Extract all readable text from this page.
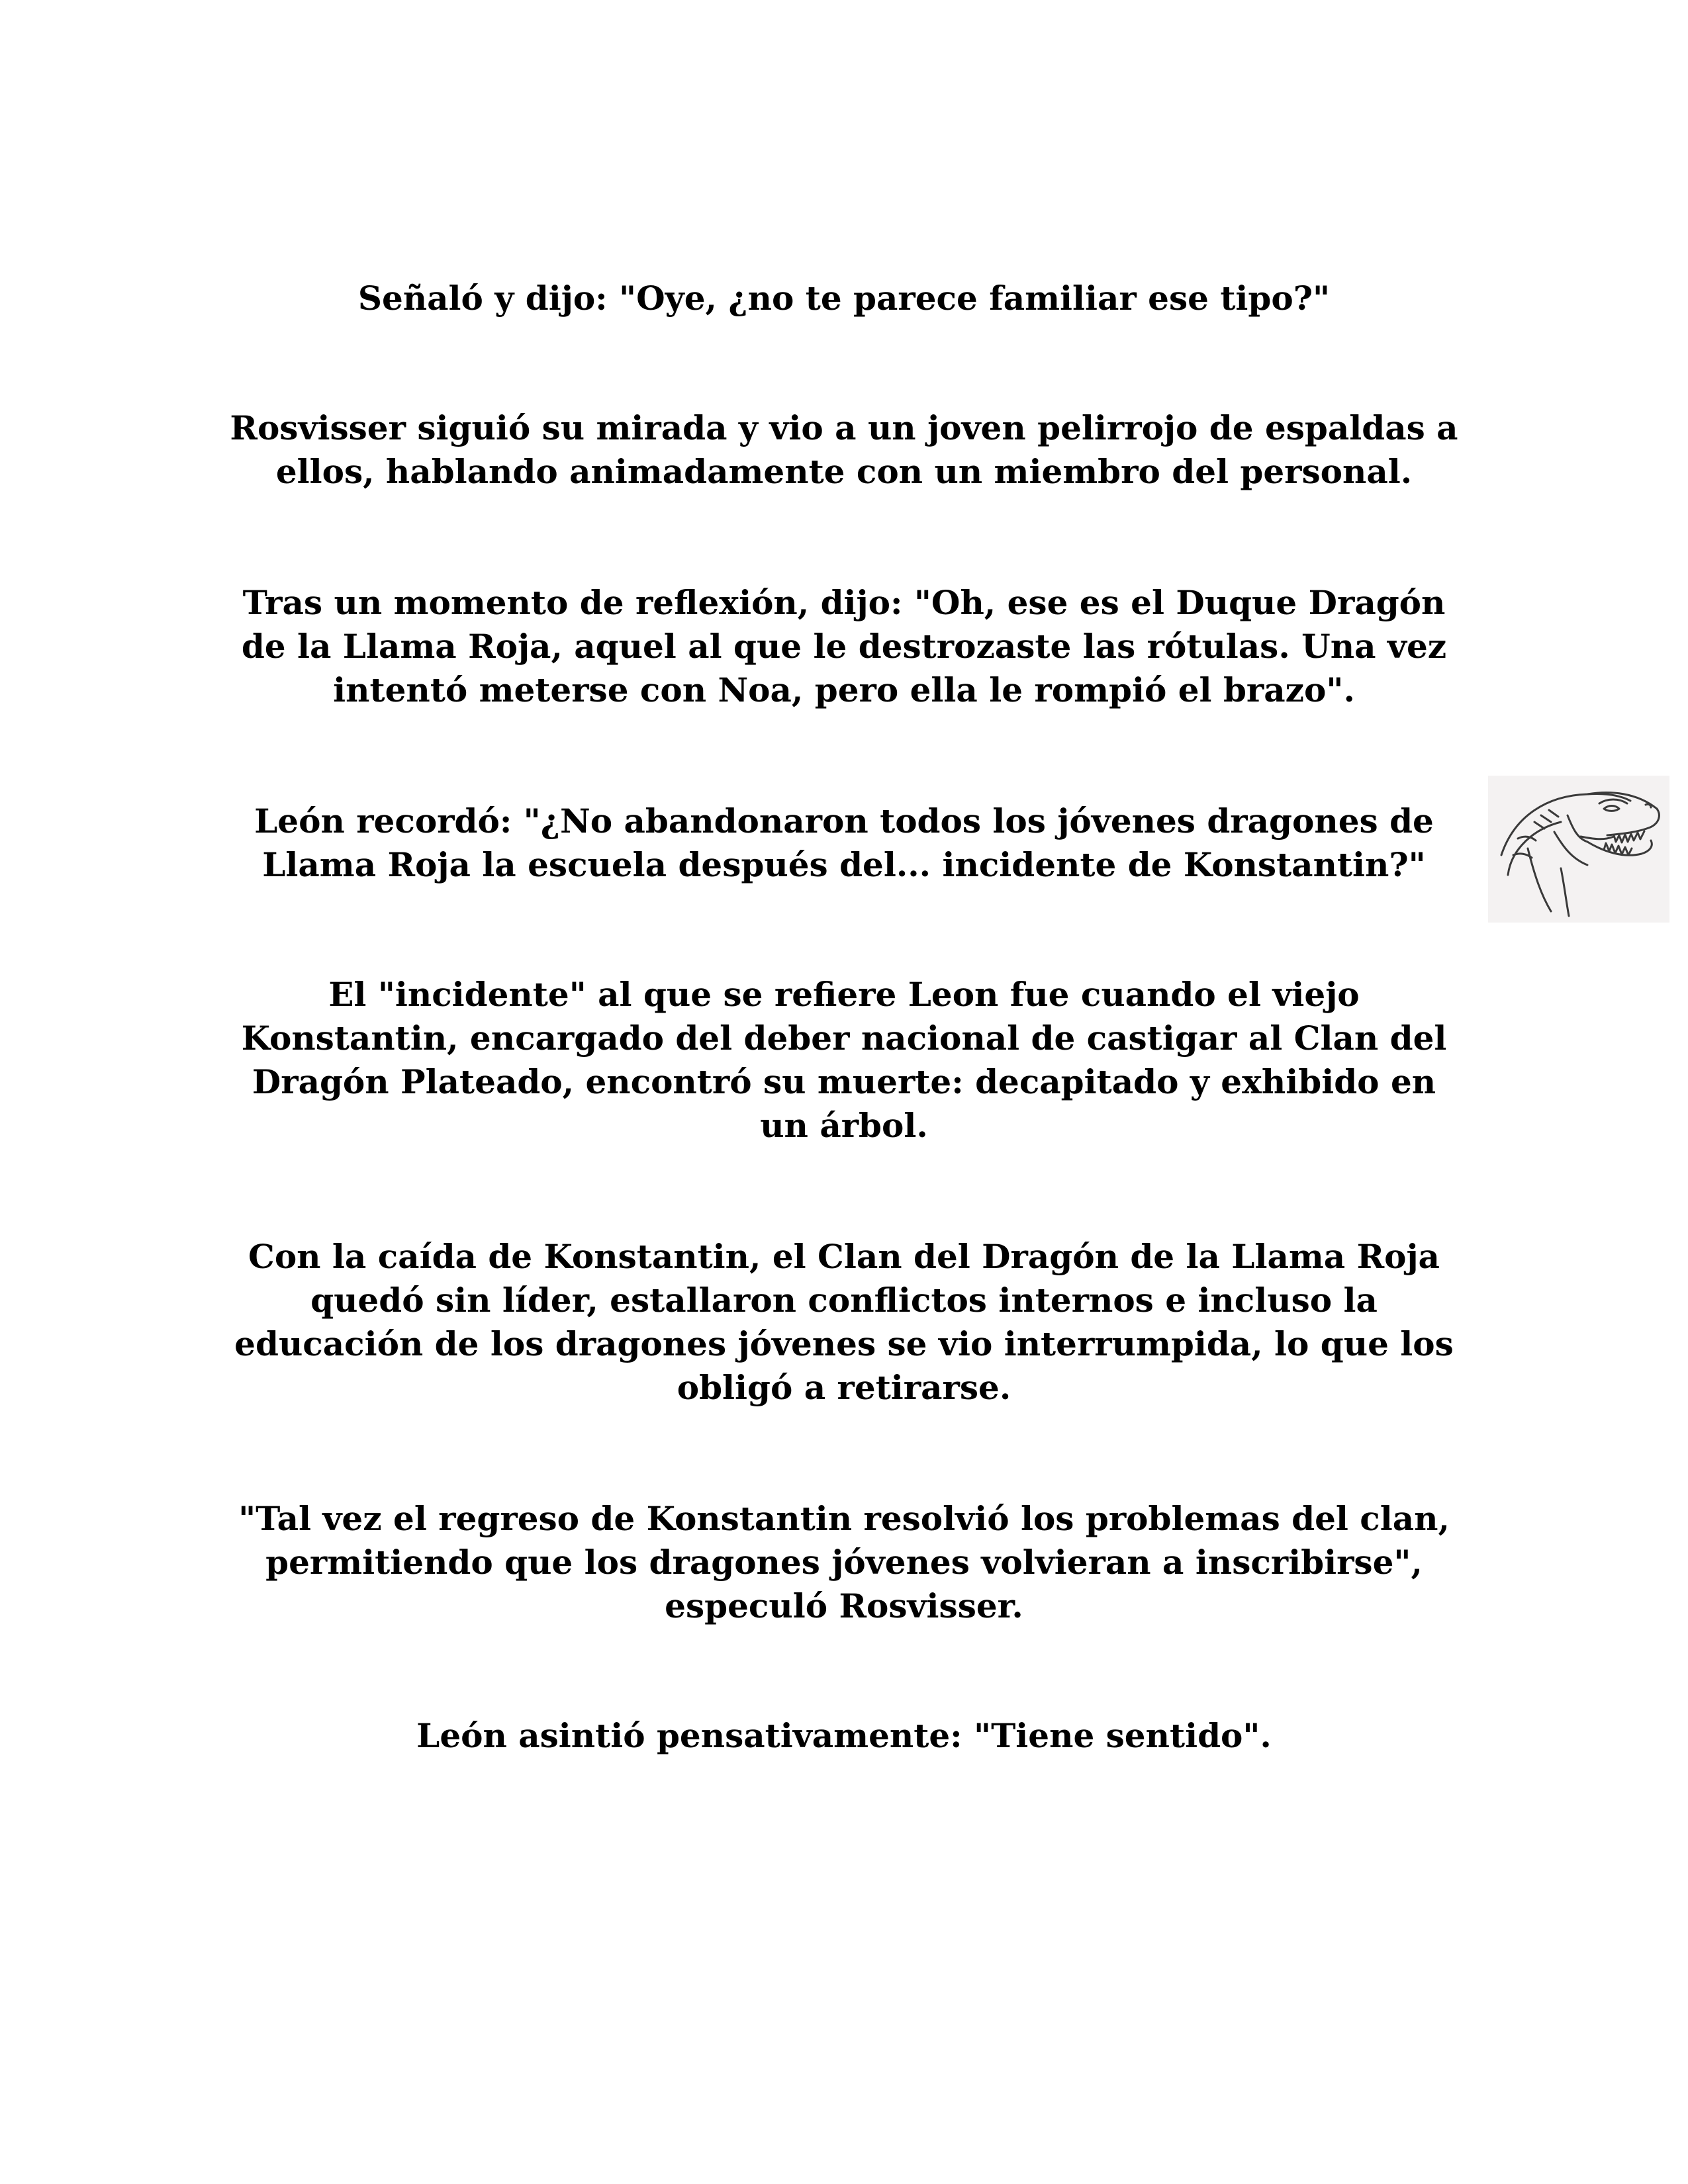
Señaló y dijo: "Oye, ¿no te parece familiar ese tipo?"

Rosvisser siguió su mirada y vio a un joven pelirrojo de espaldas a ellos, hablando animadamente con un miembro del personal.

Tras un momento de reflexión, dijo: "Oh, ese es el Duque Dragón de la Llama Roja, aquel al que le destrozaste las rótulas. Una vez intentó meterse con Noa, pero ella le rompió el brazo".

León recordó: "¿No abandonaron todos los jóvenes dragones de Llama Roja la escuela después del... incidente de Konstantin?"

El "incidente" al que se refiere Leon fue cuando el viejo Konstantin, encargado del deber nacional de castigar al Clan del Dragón Plateado, encontró su muerte: decapitado y exhibido en un árbol.

Con la caída de Konstantin, el Clan del Dragón de la Llama Roja quedó sin líder, estallaron conflictos internos e incluso la educación de los dragones jóvenes se vio interrumpida, lo que los obligó a retirarse.

"Tal vez el regreso de Konstantin resolvió los problemas del clan, permitiendo que los dragones jóvenes volvieran a inscribirse", especuló Rosvisser.

León asintió pensativamente: "Tiene sentido".
